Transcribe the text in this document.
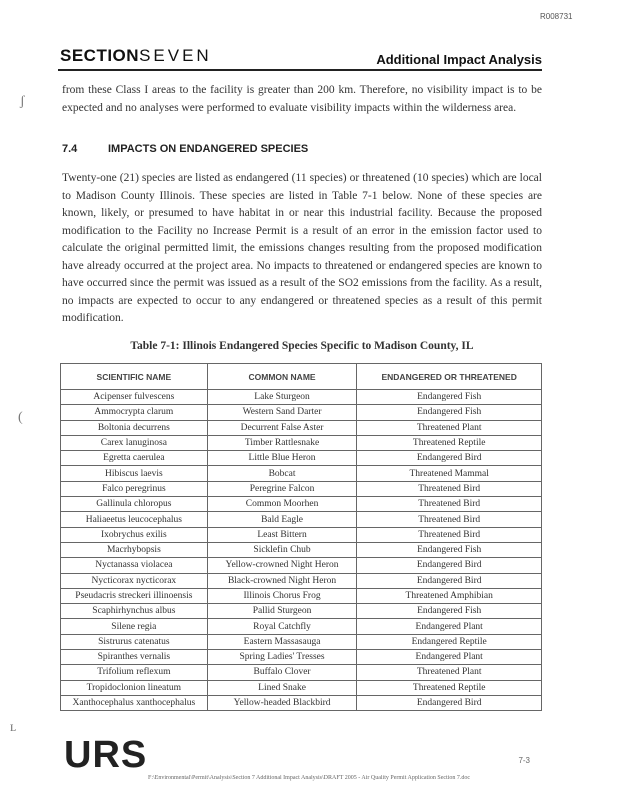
R008731
SECTIONSEVEN	Additional Impact Analysis
ʃ
(
ʟ
from these Class I areas to the facility is greater than 200 km. Therefore, no visibility impact is to be expected and no analyses were performed to evaluate visibility impacts within the wilderness area.
7.4	IMPACTS ON ENDANGERED SPECIES
Twenty-one (21) species are listed as endangered (11 species) or threatened (10 species) which are local to Madison County Illinois. These species are listed in Table 7-1 below. None of these species are known, likely, or presumed to have habitat in or near this industrial facility. Because the proposed modification to the Facility no Increase Permit is a result of an error in the emission factor used to calculate the original permitted limit, the emissions changes resulting from the proposed modification have already occurred at the project area. No impacts to threatened or endangered species are known to have occurred since the permit was issued as a result of the SO2 emissions from the facility. As a result, no impacts are expected to occur to any endangered or threatened species as a result of this permit modification.
Table 7-1: Illinois Endangered Species Specific to Madison County, IL
SCIENTIFIC NAME	COMMON NAME	ENDANGERED OR THREATENED
Acipenser fulvescens	Lake Sturgeon	Endangered Fish
Ammocrypta clarum	Western Sand Darter	Endangered Fish
Boltonia decurrens	Decurrent False Aster	Threatened Plant
Carex lanuginosa	Timber Rattlesnake	Threatened Reptile
Egretta caerulea	Little Blue Heron	Endangered Bird
Hibiscus laevis	Bobcat	Threatened Mammal
Falco peregrinus	Peregrine Falcon	Threatened Bird
Gallinula chloropus	Common Moorhen	Threatened Bird
Haliaeetus leucocephalus	Bald Eagle	Threatened Bird
Ixobrychus exilis	Least Bittern	Threatened Bird
Macrhybopsis	Sicklefin Chub	Endangered Fish
Nyctanassa violacea	Yellow-crowned Night Heron	Endangered Bird
Nycticorax nycticorax	Black-crowned Night Heron	Endangered Bird
Pseudacris streckeri illinoensis	Illinois Chorus Frog	Threatened Amphibian
Scaphirhynchus albus	Pallid Sturgeon	Endangered Fish
Silene regia	Royal Catchfly	Endangered Plant
Sistrurus catenatus	Eastern Massasauga	Endangered Reptile
Spiranthes vernalis	Spring Ladies' Tresses	Endangered Plant
Trifolium reflexum	Buffalo Clover	Threatened Plant
Tropidoclonion lineatum	Lined Snake	Threatened Reptile
Xanthocephalus xanthocephalus	Yellow-headed Blackbird	Endangered Bird
URS	7-3
F:\Environmental\Permit\Analysis\Section 7 Additional Impact Analysis\DRAFT 2005 - Air Quality Permit Application Section 7.doc
